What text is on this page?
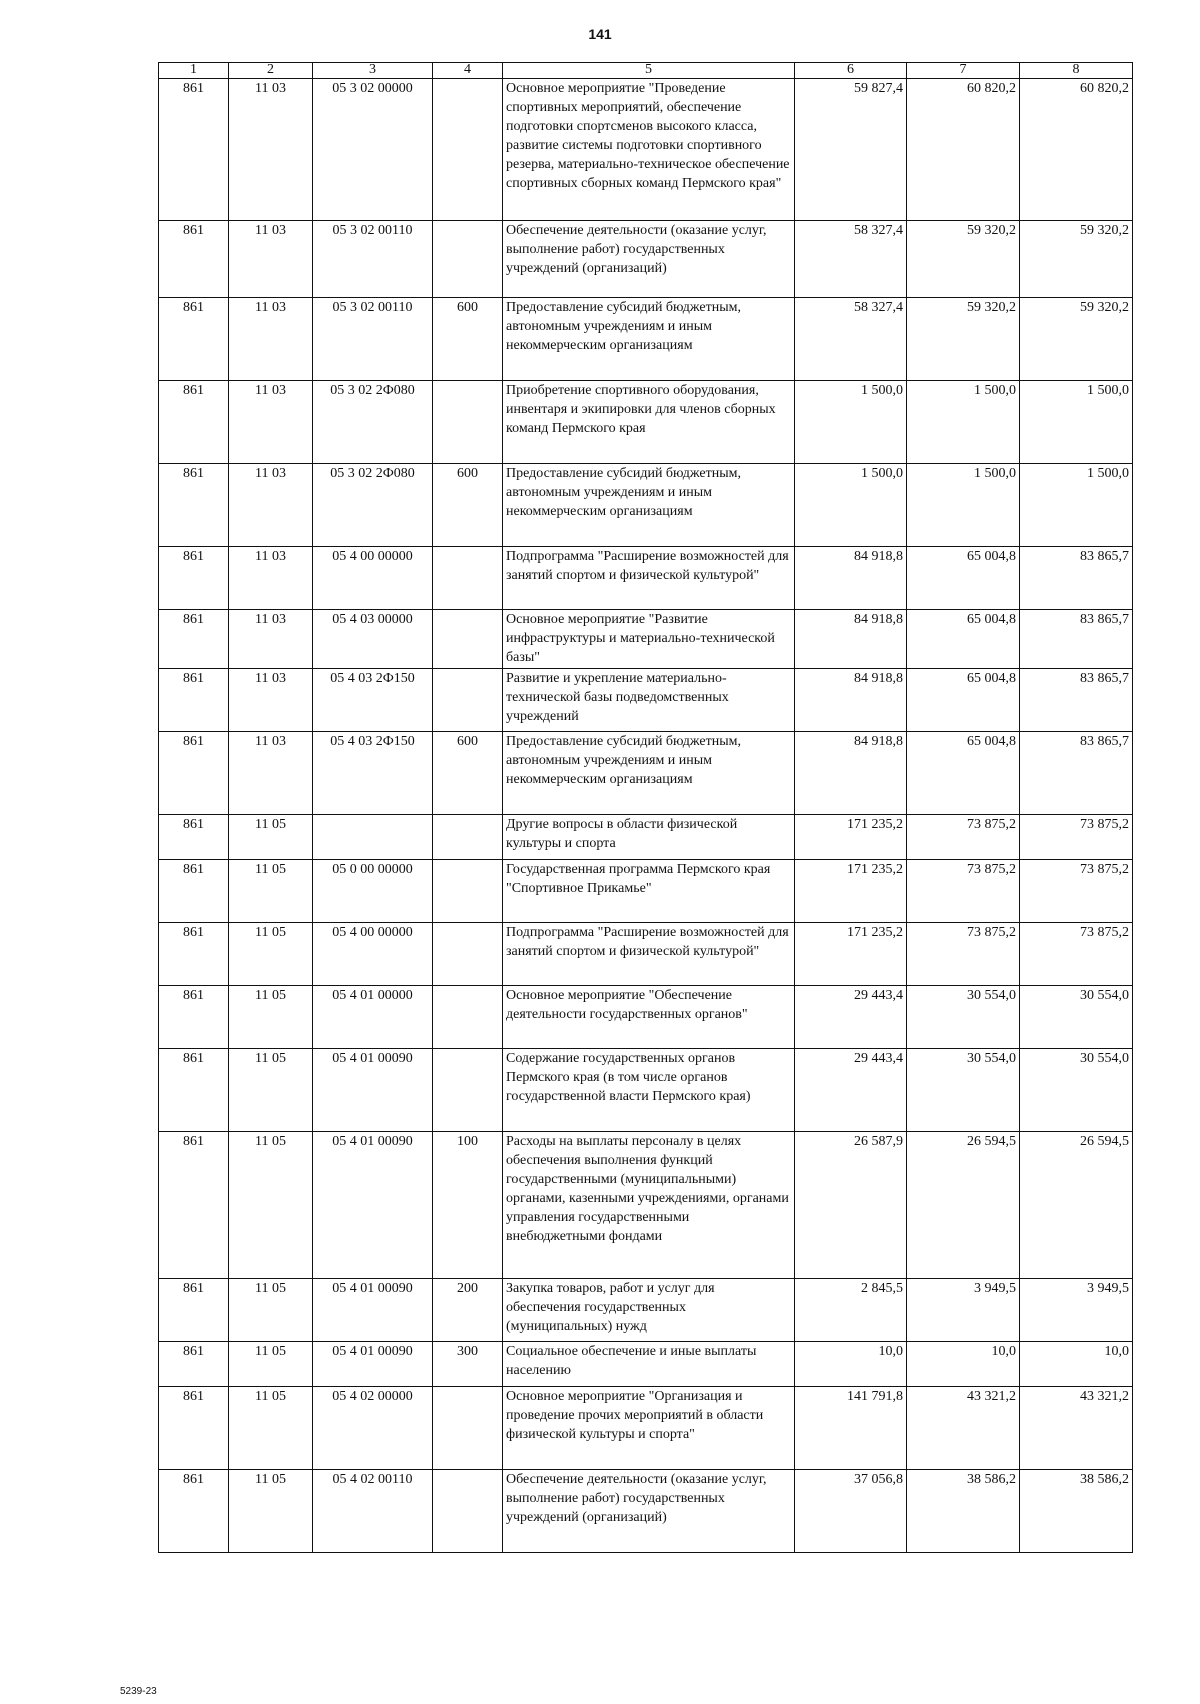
141
1	2	3	4	5	6	7	8
861	11 03	05 3 02 00000		Основное мероприятие "Проведение спортивных мероприятий, обеспечение подготовки спортсменов высокого класса, развитие системы подготовки спортивного резерва, материально-техническое обеспечение спортивных сборных команд Пермского края"	59 827,4	60 820,2	60 820,2
861	11 03	05 3 02 00110		Обеспечение деятельности (оказание услуг, выполнение работ) государственных учреждений (организаций)	58 327,4	59 320,2	59 320,2
861	11 03	05 3 02 00110	600	Предоставление субсидий бюджетным, автономным учреждениям и иным некоммерческим организациям	58 327,4	59 320,2	59 320,2
861	11 03	05 3 02 2Ф080		Приобретение спортивного оборудования, инвентаря и экипировки для членов сборных команд Пермского края	1 500,0	1 500,0	1 500,0
861	11 03	05 3 02 2Ф080	600	Предоставление субсидий бюджетным, автономным учреждениям и иным некоммерческим организациям	1 500,0	1 500,0	1 500,0
861	11 03	05 4 00 00000		Подпрограмма "Расширение возможностей для занятий спортом и физической культурой"	84 918,8	65 004,8	83 865,7
861	11 03	05 4 03 00000		Основное мероприятие "Развитие инфраструктуры и материально-технической базы"	84 918,8	65 004,8	83 865,7
861	11 03	05 4 03 2Ф150		Развитие и укрепление материально-технической базы подведомственных учреждений	84 918,8	65 004,8	83 865,7
861	11 03	05 4 03 2Ф150	600	Предоставление субсидий бюджетным, автономным учреждениям и иным некоммерческим организациям	84 918,8	65 004,8	83 865,7
861	11 05			Другие вопросы в области физической культуры и спорта	171 235,2	73 875,2	73 875,2
861	11 05	05 0 00 00000		Государственная программа Пермского края "Спортивное Прикамье"	171 235,2	73 875,2	73 875,2
861	11 05	05 4 00 00000		Подпрограмма "Расширение возможностей для занятий спортом и физической культурой"	171 235,2	73 875,2	73 875,2
861	11 05	05 4 01 00000		Основное мероприятие "Обеспечение деятельности государственных органов"	29 443,4	30 554,0	30 554,0
861	11 05	05 4 01 00090		Содержание государственных органов Пермского края (в том числе органов государственной власти Пермского края)	29 443,4	30 554,0	30 554,0
861	11 05	05 4 01 00090	100	Расходы на выплаты персоналу в целях обеспечения выполнения функций государственными (муниципальными) органами, казенными учреждениями, органами управления государственными внебюджетными фондами	26 587,9	26 594,5	26 594,5
861	11 05	05 4 01 00090	200	Закупка товаров, работ и услуг для обеспечения государственных (муниципальных) нужд	2 845,5	3 949,5	3 949,5
861	11 05	05 4 01 00090	300	Социальное обеспечение и иные выплаты населению	10,0	10,0	10,0
861	11 05	05 4 02 00000		Основное мероприятие "Организация и проведение прочих мероприятий в области физической культуры и спорта"	141 791,8	43 321,2	43 321,2
861	11 05	05 4 02 00110		Обеспечение деятельности (оказание услуг, выполнение работ) государственных учреждений (организаций)	37 056,8	38 586,2	38 586,2
5239-23
